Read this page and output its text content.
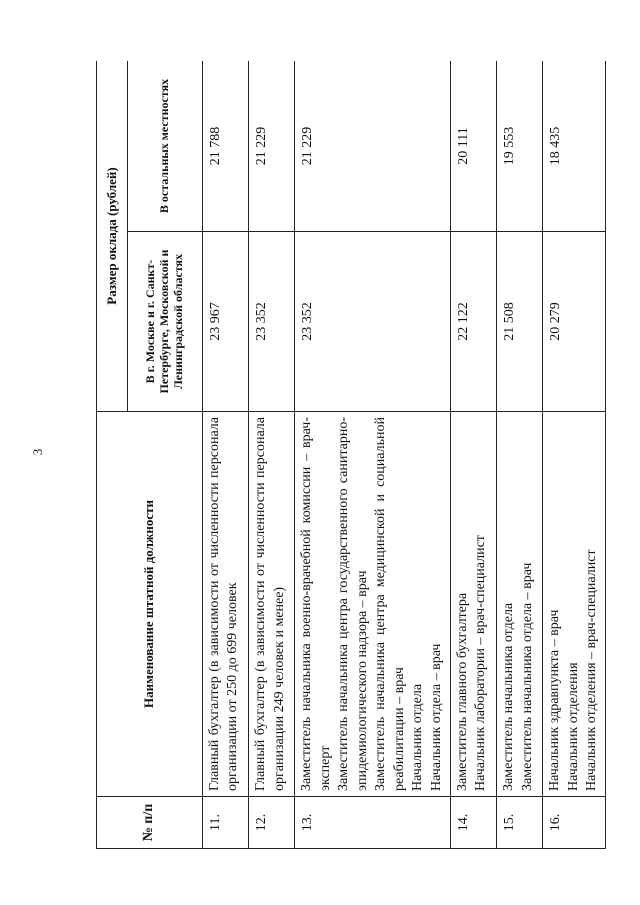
3
№ п/п	Наименование штатной должности	Размер оклада (рублей)	
		В г. Москве и г. Санкт-Петербурге, Московской и Ленинградской областях	В остальных местностях
11.	Главный бухгалтер (в зависимости от численности персонала организации от 250 до 699 человек	23 967	21 788
12.	Главный бухгалтер (в зависимости от численности персонала организации 249 человек и менее)	23 352	21 229
13.	Заместитель начальника военно-врачебной комиссии – врач-эксперт Заместитель начальника центра государственного санитарно-эпидемиологического надзора – врач Заместитель начальника центра медицинской и социальной реабилитации – врач Начальник отдела Начальник отдела – врач	23 352	21 229
14.	Заместитель главного бухгалтера Начальник лаборатории – врач-специалист	22 122	20 111
15.	Заместитель начальника отдела Заместитель начальника отдела – врач	21 508	19 553
16.	Начальник здравпункта – врач Начальник отделения Начальник отделения – врач-специалист	20 279	18 435
